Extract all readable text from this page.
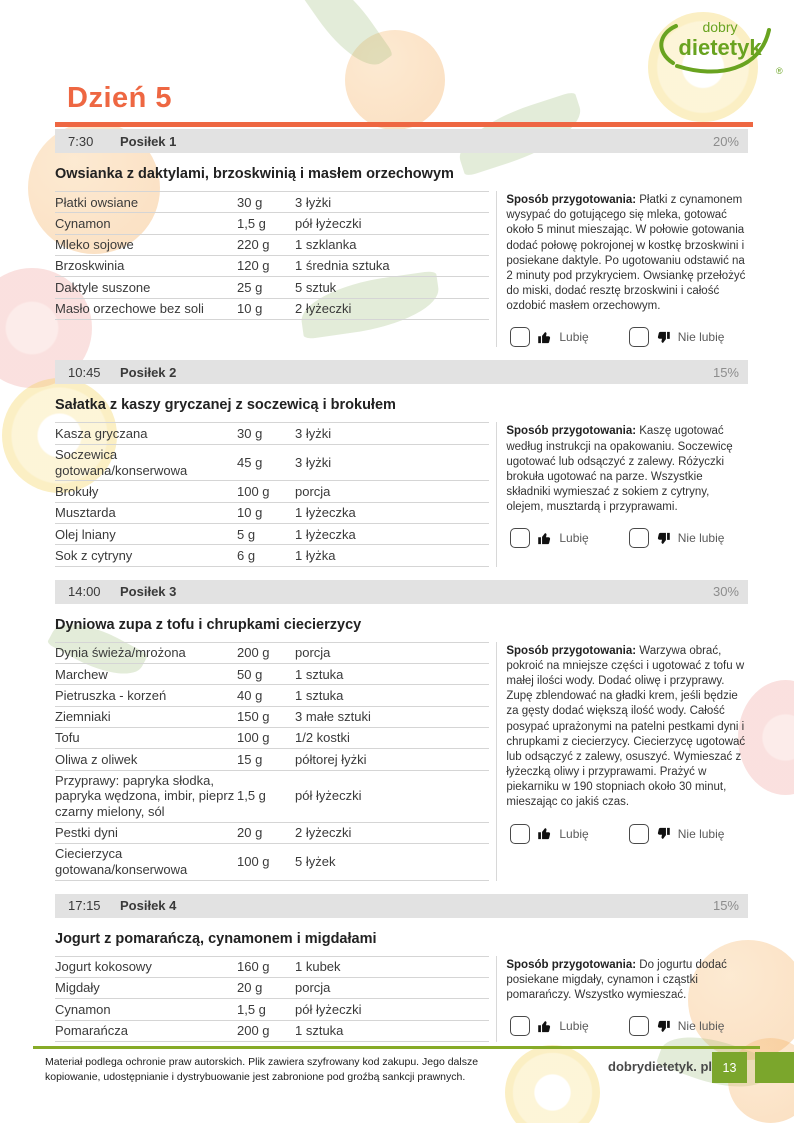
dobry
dietetyk
®
Dzień 5
7:30	Posiłek 1	20%
Owsianka z daktylami, brzoskwinią i masłem orzechowym
Płatki owsiane	30 g	3 łyżki
Cynamon	1,5 g	pół łyżeczki
Mleko sojowe	220 g	1 szklanka
Brzoskwinia	120 g	1 średnia sztuka
Daktyle suszone	25 g	5 sztuk
Masło orzechowe bez soli	10 g	2 łyżeczki

Sposób przygotowania: Płatki z cynamonem wysypać do gotującego się mleka, gotować około 5 minut mieszając. W połowie gotowania dodać połowę pokrojonej w kostkę brzoskwini i posiekane daktyle. Po ugotowaniu odstawić na 2 minuty pod przykryciem. Owsiankę przełożyć do miski, dodać resztę brzoskwini i całość ozdobić masłem orzechowym.

Lubię	Nie lubię
10:45	Posiłek 2	15%
Sałatka z kaszy gryczanej z soczewicą i brokułem
Kasza gryczana	30 g	3 łyżki
Soczewica gotowana/konserwowa	45 g	3 łyżki
Brokuły	100 g	porcja
Musztarda	10 g	1 łyżeczka
Olej lniany	5 g	1 łyżeczka
Sok z cytryny	6 g	1 łyżka

Sposób przygotowania: Kaszę ugotować według instrukcji na opakowaniu. Soczewicę ugotować lub odsączyć z zalewy. Różyczki brokuła ugotować na parze. Wszystkie składniki wymieszać z sokiem z cytryny, olejem, musztardą i przyprawami.

Lubię	Nie lubię
14:00	Posiłek 3	30%
Dyniowa zupa z tofu i chrupkami ciecierzycy
Dynia świeża/mrożona	200 g	porcja
Marchew	50 g	1 sztuka
Pietruszka - korzeń	40 g	1 sztuka
Ziemniaki	150 g	3 małe sztuki
Tofu	100 g	1/2 kostki
Oliwa z oliwek	15 g	półtorej łyżki
Przyprawy: papryka słodka, papryka wędzona, imbir, pieprz czarny mielony, sól	1,5 g	pół łyżeczki
Pestki dyni	20 g	2 łyżeczki
Ciecierzyca gotowana/konserwowa	100 g	5 łyżek

Sposób przygotowania: Warzywa obrać, pokroić na mniejsze części i ugotować z tofu w małej ilości wody. Dodać oliwę i przyprawy. Zupę zblendować na gładki krem, jeśli będzie za gęsty dodać większą ilość wody. Całość posypać uprażonymi na patelni pestkami dyni i chrupkami z ciecierzycy. Ciecierzycę ugotować lub odsączyć z zalewy, osuszyć. Wymieszać z łyżeczką oliwy i przyprawami. Prażyć w piekarniku w 190 stopniach około 30 minut, mieszając co jakiś czas.

Lubię	Nie lubię
17:15	Posiłek 4	15%
Jogurt z pomarańczą, cynamonem i migdałami
Jogurt kokosowy	160 g	1 kubek
Migdały	20 g	porcja
Cynamon	1,5 g	pół łyżeczki
Pomarańcza	200 g	1 sztuka

Sposób przygotowania: Do jogurtu dodać posiekane migdały, cynamon i cząstki pomarańczy. Wszystko wymieszać.

Lubię	Nie lubię

Materiał podlega ochronie praw autorskich. Plik zawiera szyfrowany kod zakupu. Jego dalsze
kopiowanie, udostępnianie i dystrybuowanie jest zabronione pod groźbą sankcji prawnych.

dobrydietetyk. pl 13
